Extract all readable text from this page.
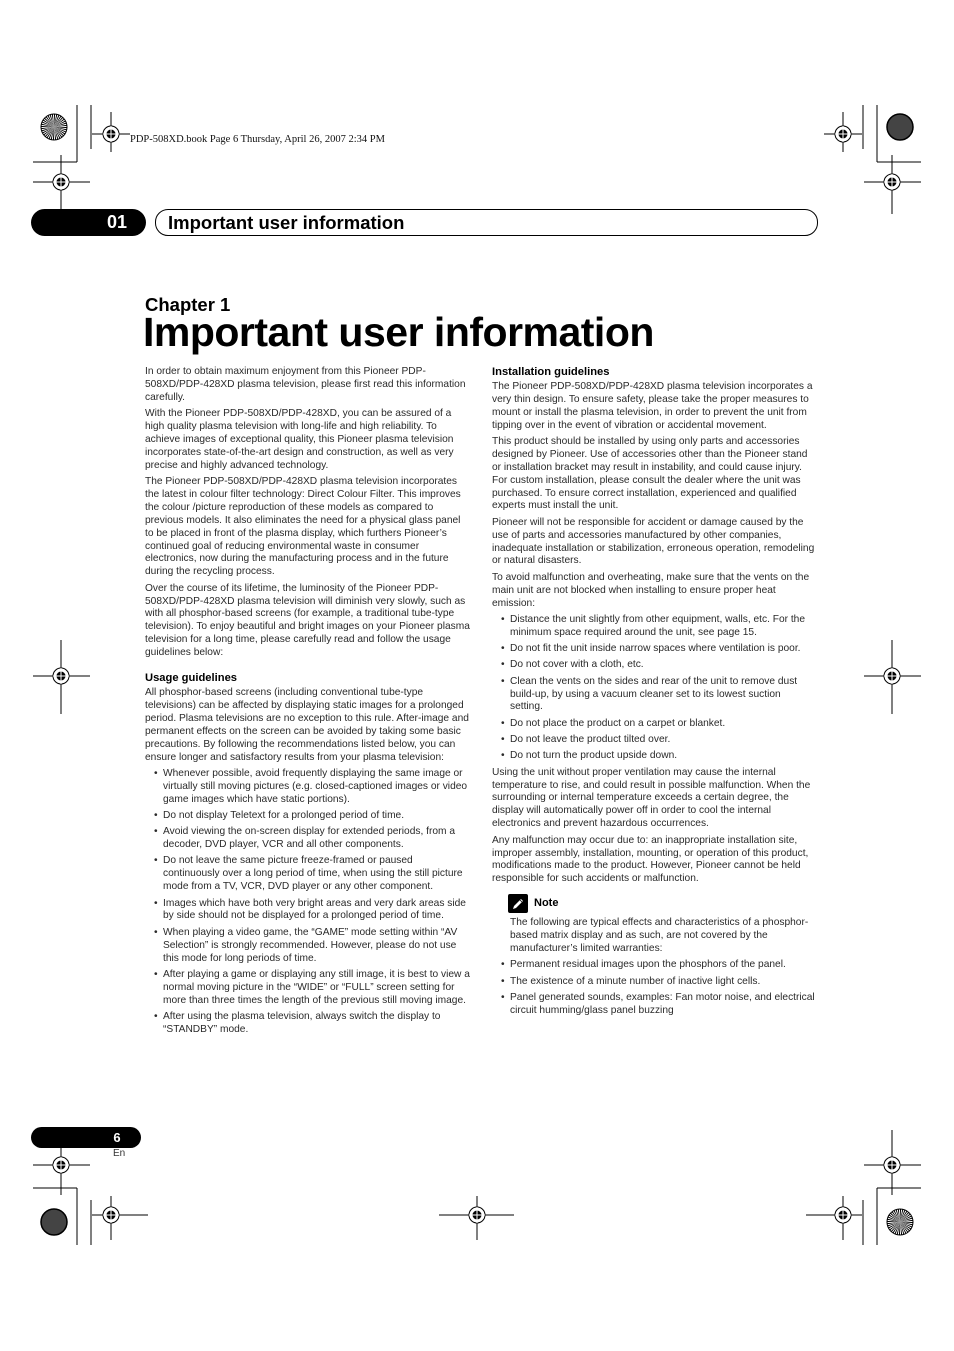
PDP-508XD.book Page 6 Thursday, April 26, 2007 2:34 PM
01	Important user information
Chapter 1
Important user information

In order to obtain maximum enjoyment from this Pioneer PDP-508XD/PDP-428XD plasma television, please first read this information carefully.

With the Pioneer PDP-508XD/PDP-428XD, you can be assured of a high quality plasma television with long-life and high reliability. To achieve images of exceptional quality, this Pioneer plasma television incorporates state-of-the-art design and construction, as well as very precise and highly advanced technology.

The Pioneer PDP-508XD/PDP-428XD plasma television incorporates the latest in colour filter technology: Direct Colour Filter. This improves the colour /picture reproduction of these models as compared to previous models. It also eliminates the need for a physical glass panel to be placed in front of the plasma display, which furthers Pioneer’s continued goal of reducing environmental waste in consumer electronics, now during the manufacturing process and in the future during the recycling process.

Over the course of its lifetime, the luminosity of the Pioneer PDP-508XD/PDP-428XD plasma television will diminish very slowly, such as with all phosphor-based screens (for example, a traditional tube-type television). To enjoy beautiful and bright images on your Pioneer plasma television for a long time, please carefully read and follow the usage guidelines below:

Usage guidelines

All phosphor-based screens (including conventional tube-type televisions) can be affected by displaying static images for a prolonged period. Plasma televisions are no exception to this rule. After-image and permanent effects on the screen can be avoided by taking some basic precautions. By following the recommendations listed below, you can ensure longer and satisfactory results from your plasma television:

• Whenever possible, avoid frequently displaying the same image or virtually still moving pictures (e.g. closed-captioned images or video game images which have static portions).
• Do not display Teletext for a prolonged period of time.
• Avoid viewing the on-screen display for extended periods, from a decoder, DVD player, VCR and all other components.
• Do not leave the same picture freeze-framed or paused continuously over a long period of time, when using the still picture mode from a TV, VCR, DVD player or any other component.
• Images which have both very bright areas and very dark areas side by side should not be displayed for a prolonged period of time.
• When playing a video game, the “GAME” mode setting within “AV Selection” is strongly recommended. However, please do not use this mode for long periods of time.
• After playing a game or displaying any still image, it is best to view a normal moving picture in the “WIDE” or “FULL” screen setting for more than three times the length of the previous still moving image.
• After using the plasma television, always switch the display to “STANDBY” mode.
Installation guidelines

The Pioneer PDP-508XD/PDP-428XD plasma television incorporates a very thin design. To ensure safety, please take the proper measures to mount or install the plasma television, in order to prevent the unit from tipping over in the event of vibration or accidental movement.

This product should be installed by using only parts and accessories designed by Pioneer. Use of accessories other than the Pioneer stand or installation bracket may result in instability, and could cause injury. For custom installation, please consult the dealer where the unit was purchased. To ensure correct installation, experienced and qualified experts must install the unit.

Pioneer will not be responsible for accident or damage caused by the use of parts and accessories manufactured by other companies, inadequate installation or stabilization, erroneous operation, remodeling or natural disasters.

To avoid malfunction and overheating, make sure that the vents on the main unit are not blocked when installing to ensure proper heat emission:

• Distance the unit slightly from other equipment, walls, etc. For the minimum space required around the unit, see page 15.
• Do not fit the unit inside narrow spaces where ventilation is poor.
• Do not cover with a cloth, etc.
• Clean the vents on the sides and rear of the unit to remove dust build-up, by using a vacuum cleaner set to its lowest suction setting.
• Do not place the product on a carpet or blanket.
• Do not leave the product tilted over.
• Do not turn the product upside down.

Using the unit without proper ventilation may cause the internal temperature to rise, and could result in possible malfunction. When the surrounding or internal temperature exceeds a certain degree, the display will automatically power off in order to cool the internal electronics and prevent hazardous occurrences.

Any malfunction may occur due to: an inappropriate installation site, improper assembly, installation, mounting, or operation of this product, modifications made to the product. However, Pioneer cannot be held responsible for such accidents or malfunction.

Note

The following are typical effects and characteristics of a phosphor-based matrix display and as such, are not covered by the manufacturer’s limited warranties:

• Permanent residual images upon the phosphors of the panel.
• The existence of a minute number of inactive light cells.
• Panel generated sounds, examples: Fan motor noise, and electrical circuit humming/glass panel buzzing
6
En
